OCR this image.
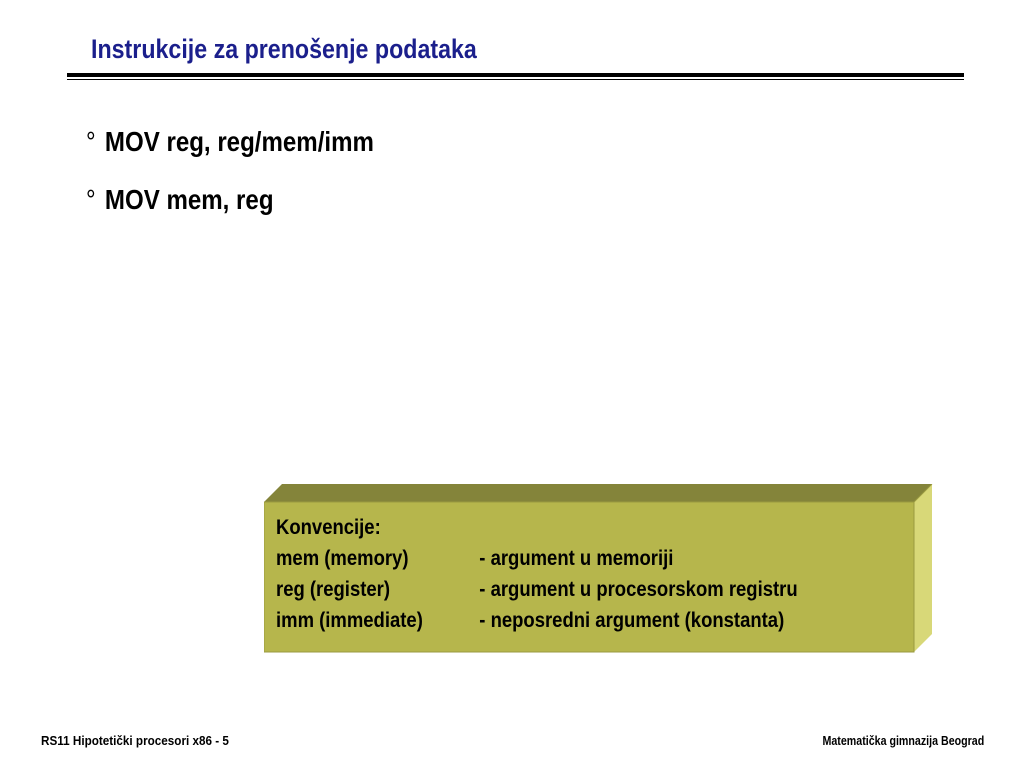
Instrukcije za prenošenje podataka
° MOV reg, reg/mem/imm
° MOV mem, reg
Konvencije:
mem (memory)	- argument u memoriji
reg (register)	- argument u procesorskom registru
imm (immediate)	- neposredni argument (konstanta)
RS11 Hipotetički procesori x86 - 5	Matematička gimnazija Beograd
